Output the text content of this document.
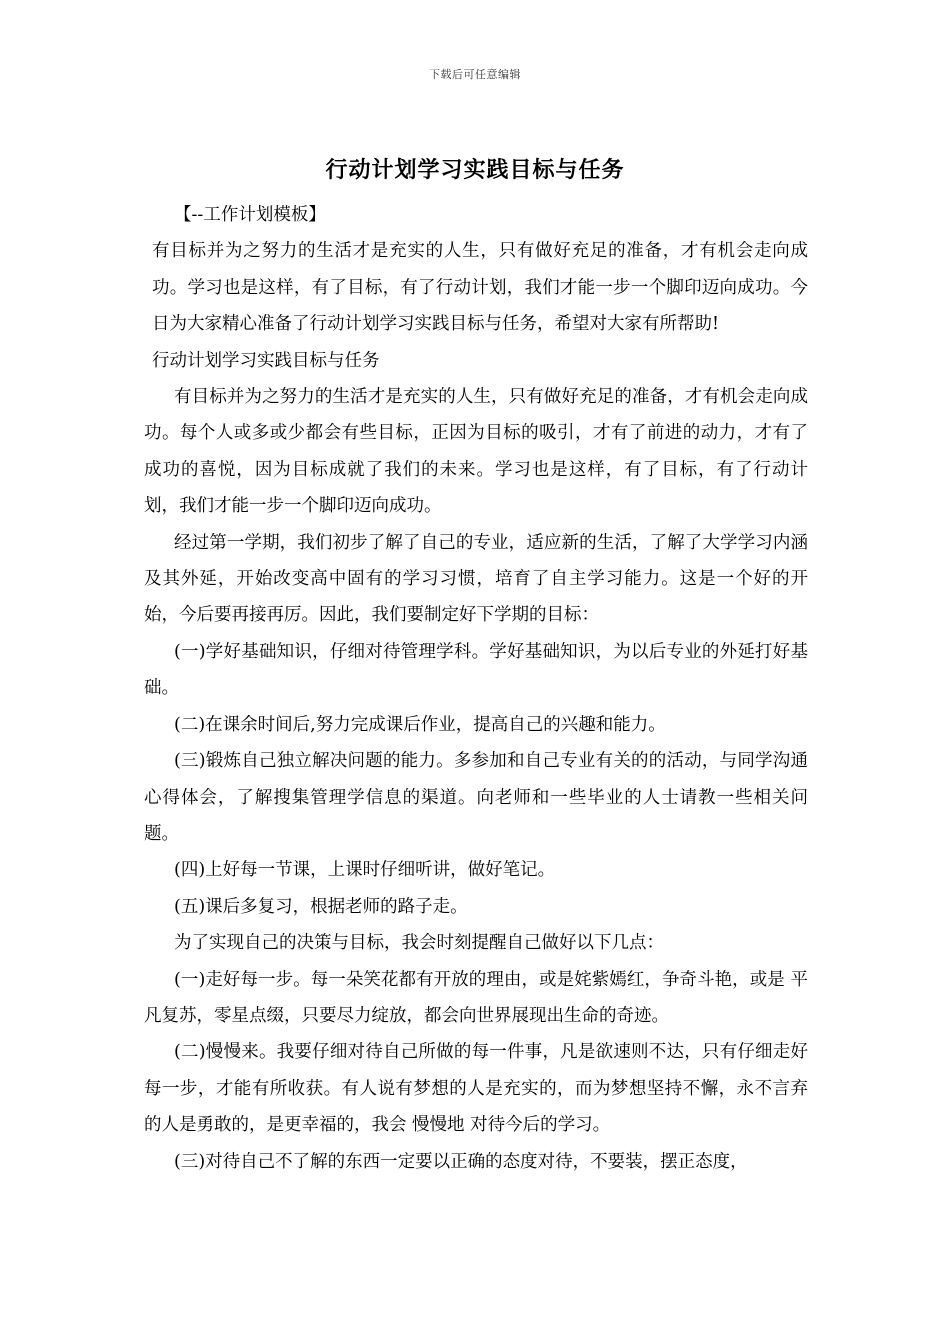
下载后可任意编辑
行动计划学习实践目标与任务

【--工作计划模板】

有目标并为之努力的生活才是充实的人生，只有做好充足的准备，才有机会走向成功。学习也是这样，有了目标，有了行动计划，我们才能一步一个脚印迈向成功。今日为大家精心准备了行动计划学习实践目标与任务，希望对大家有所帮助!

行动计划学习实践目标与任务

有目标并为之努力的生活才是充实的人生，只有做好充足的准备，才有机会走向成功。每个人或多或少都会有些目标，正因为目标的吸引，才有了前进的动力，才有了成功的喜悦，因为目标成就了我们的未来。学习也是这样，有了目标，有了行动计划，我们才能一步一个脚印迈向成功。

经过第一学期，我们初步了解了自己的专业，适应新的生活，了解了大学学习内涵及其外延，开始改变高中固有的学习习惯，培育了自主学习能力。这是一个好的开始，今后要再接再厉。因此，我们要制定好下学期的目标：

(一)学好基础知识，仔细对待管理学科。学好基础知识，为以后专业的外延打好基础。

(二)在课余时间后,努力完成课后作业，提高自己的兴趣和能力。

(三)锻炼自己独立解决问题的能力。多参加和自己专业有关的的活动，与同学沟通心得体会，了解搜集管理学信息的渠道。向老师和一些毕业的人士请教一些相关问题。

(四)上好每一节课，上课时仔细听讲，做好笔记。

(五)课后多复习，根据老师的路子走。

为了实现自己的决策与目标，我会时刻提醒自己做好以下几点：

(一)走好每一步。每一朵笑花都有开放的理由，或是姹紫嫣红，争奇斗艳，或是 平凡复苏，零星点缀，只要尽力绽放，都会向世界展现出生命的奇迹。

(二)慢慢来。我要仔细对待自己所做的每一件事，凡是欲速则不达，只有仔细走好每一步，才能有所收获。有人说有梦想的人是充实的，而为梦想坚持不懈，永不言弃的人是勇敢的，是更幸福的，我会 慢慢地 对待今后的学习。

(三)对待自己不了解的东西一定要以正确的态度对待，不要装，摆正态度，
